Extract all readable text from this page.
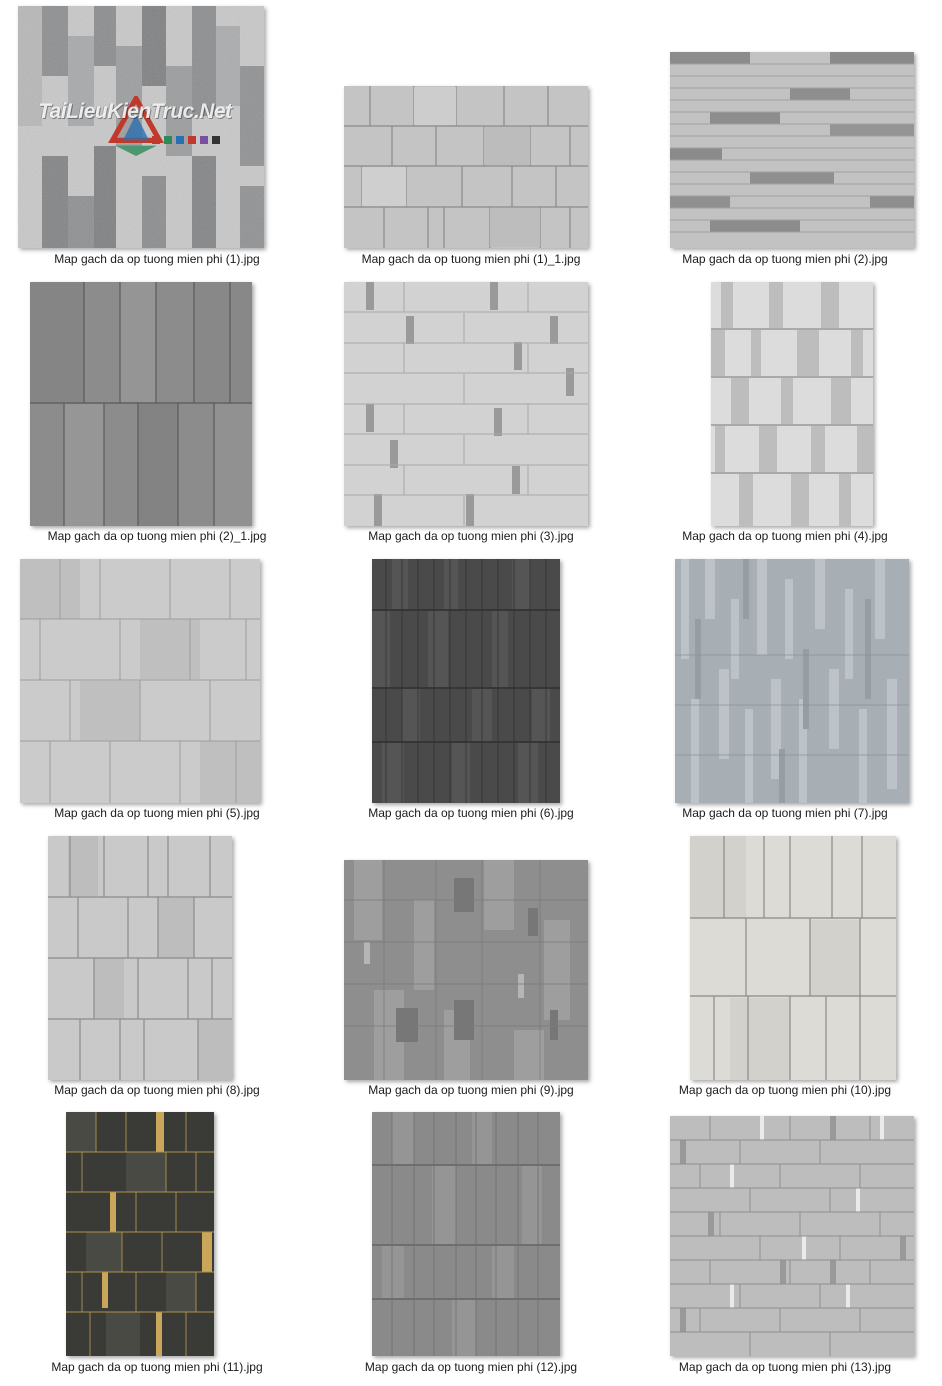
TaiLieuKienTruc.Net
Map gach da op tuong mien phi (1).jpg	Map gach da op tuong mien phi (1)_1.jpg	Map gach da op tuong mien phi (2).jpg
Map gach da op tuong mien phi (2)_1.jpg	Map gach da op tuong mien phi (3).jpg	Map gach da op tuong mien phi (4).jpg
Map gach da op tuong mien phi (5).jpg	Map gach da op tuong mien phi (6).jpg	Map gach da op tuong mien phi (7).jpg
Map gach da op tuong mien phi (8).jpg	Map gach da op tuong mien phi (9).jpg	Map gach da op tuong mien phi (10).jpg
Map gach da op tuong mien phi (11).jpg	Map gach da op tuong mien phi (12).jpg	Map gach da op tuong mien phi (13).jpg
